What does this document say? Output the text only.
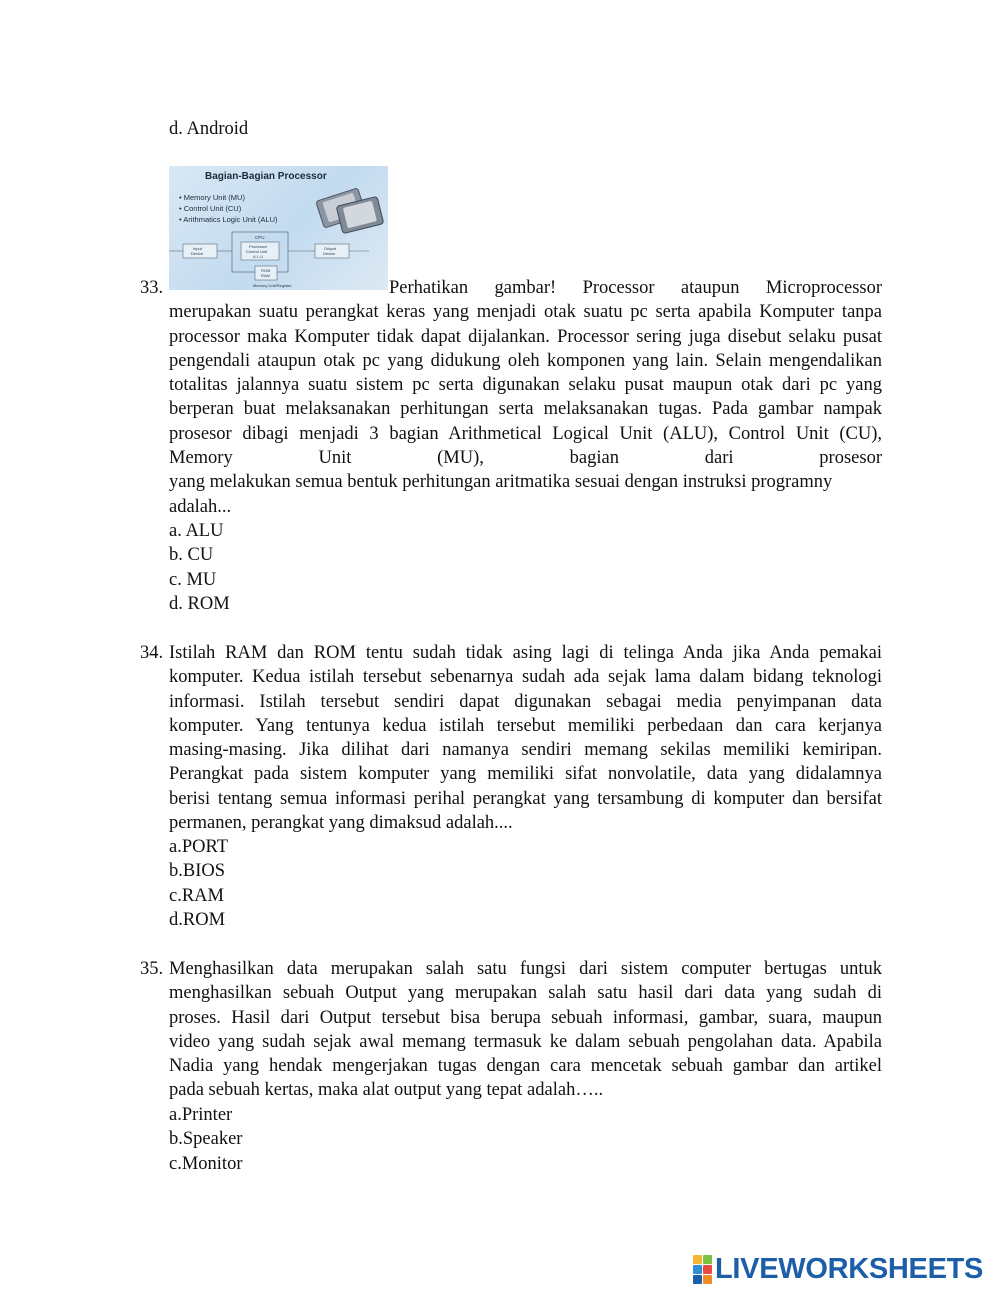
d. Android
Bagian-Bagian Processor
• Memory Unit (MU)
• Control Unit (CU)
• Arithmatics Logic Unit (ALU)
CPU
Processor
Control Unit
A.L.U
Input
Device
Output
Device
ROM
RAM
Memory Unit/Register
33.	Perhatikan gambar! Processor ataupun Microprocessor
merupakan suatu perangkat keras yang menjadi otak suatu pc serta apabila Komputer tanpa
processor maka Komputer tidak dapat dijalankan. Processor sering juga disebut selaku pusat
pengendali ataupun otak pc yang didukung oleh komponen yang lain. Selain mengendalikan
totalitas jalannya suatu sistem pc serta digunakan selaku pusat maupun otak dari pc yang
berperan buat melaksanakan perhitungan serta melaksanakan tugas. Pada gambar nampak
prosesor dibagi menjadi 3 bagian Arithmetical Logical Unit (ALU), Control Unit (CU),
Memory Unit (MU), bagian dari prosesor
yang melakukan semua bentuk perhitungan aritmatika sesuai dengan instruksi programny
adalah...
a. ALU
b. CU
c. MU
d. ROM
34. Istilah RAM dan ROM tentu sudah tidak asing lagi di telinga Anda jika Anda pemakai
komputer. Kedua istilah tersebut sebenarnya sudah ada sejak lama dalam bidang teknologi
informasi. Istilah tersebut sendiri dapat digunakan sebagai media penyimpanan data
komputer. Yang tentunya kedua istilah tersebut memiliki perbedaan dan cara kerjanya
masing-masing. Jika dilihat dari namanya sendiri memang sekilas memiliki kemiripan.
Perangkat pada sistem komputer yang memiliki sifat nonvolatile, data yang didalamnya
berisi tentang semua informasi perihal perangkat yang tersambung di komputer dan bersifat
permanen, perangkat yang dimaksud adalah....
a.PORT
b.BIOS
c.RAM
d.ROM
35. Menghasilkan data merupakan salah satu fungsi dari sistem computer bertugas untuk
menghasilkan sebuah Output yang merupakan salah satu hasil dari data yang sudah di
proses. Hasil dari Output tersebut bisa berupa sebuah informasi, gambar, suara, maupun
video yang sudah sejak awal memang termasuk ke dalam sebuah pengolahan data. Apabila
Nadia yang hendak mengerjakan tugas dengan cara mencetak sebuah gambar dan artikel
pada sebuah kertas, maka alat output yang tepat adalah…..
a.Printer
b.Speaker
c.Monitor
LIVEWORKSHEETS
